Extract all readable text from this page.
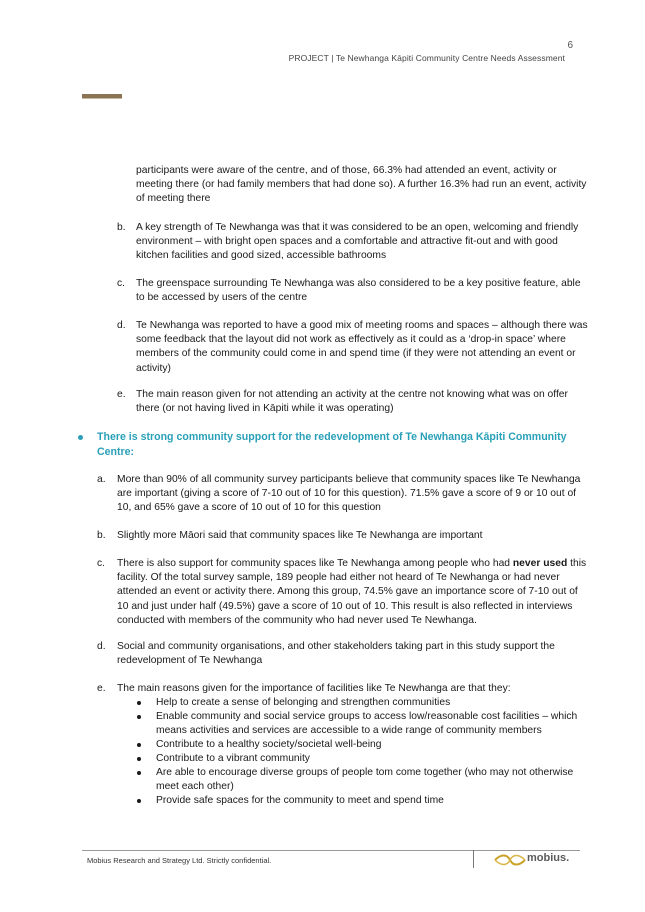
6
PROJECT | Te Newhanga Kāpiti Community Centre Needs Assessment
participants were aware of the centre, and of those, 66.3% had attended an event, activity or meeting there (or had family members that had done so). A further 16.3% had run an event, activity of meeting there
b. A key strength of Te Newhanga was that it was considered to be an open, welcoming and friendly environment – with bright open spaces and a comfortable and attractive fit-out and with good kitchen facilities and good sized, accessible bathrooms
c. The greenspace surrounding Te Newhanga was also considered to be a key positive feature, able to be accessed by users of the centre
d. Te Newhanga was reported to have a good mix of meeting rooms and spaces – although there was some feedback that the layout did not work as effectively as it could as a ‘drop-in space’ where members of the community could come in and spend time (if they were not attending an event or activity)
e. The main reason given for not attending an activity at the centre not knowing what was on offer there (or not having lived in Kāpiti while it was operating)
There is strong community support for the redevelopment of Te Newhanga Kāpiti Community Centre:
a. More than 90% of all community survey participants believe that community spaces like Te Newhanga are important (giving a score of 7-10 out of 10 for this question). 71.5% gave a score of 9 or 10 out of 10, and 65% gave a score of 10 out of 10 for this question
b. Slightly more Māori said that community spaces like Te Newhanga are important
c. There is also support for community spaces like Te Newhanga among people who had never used this facility. Of the total survey sample, 189 people had either not heard of Te Newhanga or had never attended an event or activity there. Among this group, 74.5% gave an importance score of 7-10 out of 10 and just under half (49.5%) gave a score of 10 out of 10. This result is also reflected in interviews conducted with members of the community who had never used Te Newhanga.
d. Social and community organisations, and other stakeholders taking part in this study support the redevelopment of Te Newhanga
e. The main reasons given for the importance of facilities like Te Newhanga are that they:
Help to create a sense of belonging and strengthen communities
Enable community and social service groups to access low/reasonable cost facilities – which means activities and services are accessible to a wide range of community members
Contribute to a healthy society/societal well-being
Contribute to a vibrant community
Are able to encourage diverse groups of people tom come together (who may not otherwise meet each other)
Provide safe spaces for the community to meet and spend time
Mobius Research and Strategy Ltd. Strictly confidential.	mobius.
